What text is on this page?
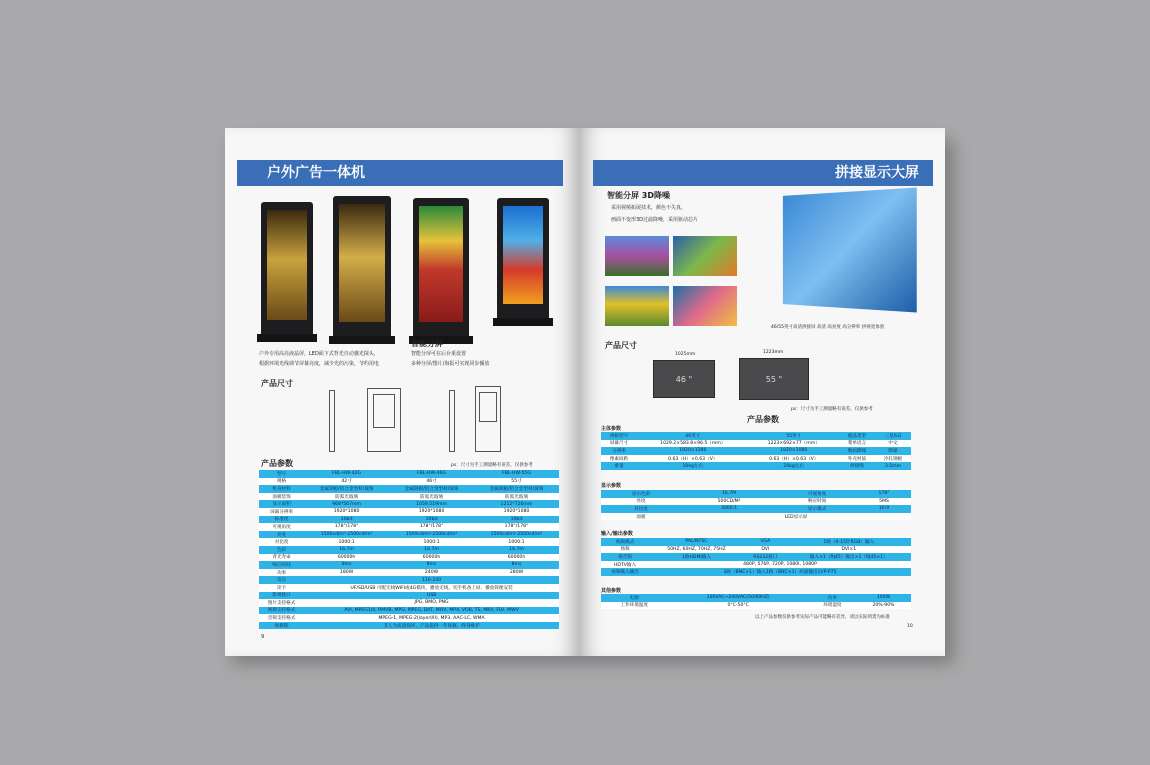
户外广告一体机
户外专用高亮液晶屏，LED面下式背光自动感光探头，
根据环境光线调节屏幕亮度，减少光的污染，节约用电
智能分屏
智能分屏可在后台重设置
多种分屏/图片/海报可实现同步播放
产品尺寸
ps：尺寸为手工测量略有误差，仅供参考
产品参数
型号	FBL-HW-42G	FBL-HW-46G	FBL-HW-55G
规格	42寸	46寸	55寸
机身材料	金属钢板/铝合金型材/玻璃	金属钢板/铝合金型材/玻璃	金属钢板/铝合金型材/玻璃
面板装饰	防弧光玻璃	防弧光玻璃	防弧光玻璃
显示面积	968*567mm	1059.519mm	1212*726mm
屏幕分辨率	1920*1080	1920*1080	1920*1080
标准度	10bit	10bit	10bit
可视角度	178°/178°	178°/178°	178°/178°
亮度	1500cd/m²-2500cd/m²	1500cd/m²-2500cd/m²	1500cd/m²-2500cd/m²
对比度	1000:1	1000:1	1000:1
色彩	16.7m	16.7m	16.7m
背光寿命	60000h	60000h	60000h
响应时间	8ms	8ms	8ms
功率	180W	240W	280W
电压	110-240		
读卡	UF/SD/USB 可配无线WIFI或4G模块，播放无线，切手机备上屏，播放简便安装		
影视接口	USB		
图片支持格式	JPG, BMO, PNG		
视频支持格式	AVI, MPEG1/4, RMVB, MPG, MPEG, DAT, MOV, MP4, VOB, TS, MKV, FLV, MWV		
音频支持格式	MPEG-1, MPEG-2(layerI/II), MP3, AAC-LC, WMA		
保修期	非人为质量损坏，产品提供一年保修，终身维护		
9
拼接显示大屏
智能分屏 3D降噪
采用视频拓展技术，颜色不失真，
画面不变形3D过滤降噪，采用驱动芯片
46/55英寸高清拼接屏 高清 高亮度 高分辨率 拼视宽体验
产品尺寸
1025mm
46 "
1223mm
55 "
ps：尺寸为手工测量略有误差，仅供参考
产品参数
主体参数
规格型号	46英寸	55英寸	液晶类型	三星/LG
屏幕尺寸	1029.2×583.8×96.5（mm）	1223×692×77（mm）	菜单语言	中文
分辨率	1920×1280	1920×1080	数码降噪	降噪
像素间距	0.63（H）×0.63（V）	0.63（H）×0.63（V）	外壳材质	冷轧钢板
重量	16kg左右	20kg左右	拼接缝	3.5mm
显示参数
显示色彩	16.7M	可视角度	178°
亮度	500CD/M²	响应时间	5MS
对比度	3000:1	显示模式	16:9
面板	LED显示屏		
输入/输出参数
视频模式	PAL/NTSC	VGA	1路（0-15针RGB）输入
场频	50HZ, 60HZ, 70HZ, 75HZ	DVI	DVI×1
视音频	1路HDMI输入	RS232接口	输入×1（RJ45）输出×1（RJ45×1）
HDTV输入	480P, 576P, 720P, 1080I, 1080P		
视频输入输出	3路（BNC×1）输入1路（BNC×1）环通输出1VP-P75		
其他参数
电源	100VAC~240VAC(50/60HZ)	功率	100W
工作环境温度	0°C-50°C	环境湿度	20%-90%
以上产品参数仅供参考实际产品可能略有差异，请以实际到货为标准
10
